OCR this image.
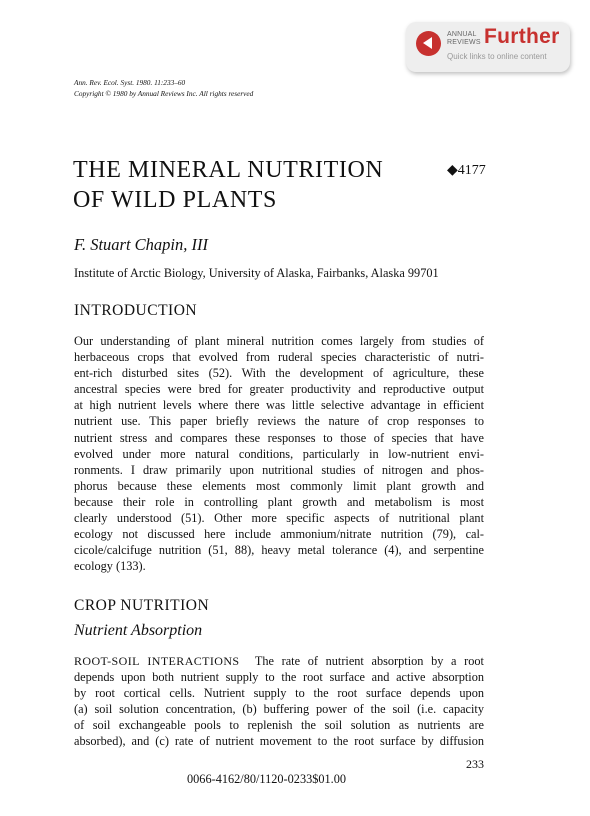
ANNUAL
REVIEWS Further
Quick links to online content
Ann. Rev. Ecol. Syst. 1980. 11:233–60
Copyright © 1980 by Annual Reviews Inc. All rights reserved
THE MINERAL NUTRITION
OF WILD PLANTS
◆4177
F. Stuart Chapin, III
Institute of Arctic Biology, University of Alaska, Fairbanks, Alaska 99701
INTRODUCTION
Our understanding of plant mineral nutrition comes largely from studies of
herbaceous crops that evolved from ruderal species characteristic of nutri-
ent-rich disturbed sites (52). With the development of agriculture, these
ancestral species were bred for greater productivity and reproductive output
at high nutrient levels where there was little selective advantage in efficient
nutrient use. This paper briefly reviews the nature of crop responses to
nutrient stress and compares these responses to those of species that have
evolved under more natural conditions, particularly in low-nutrient envi-
ronments. I draw primarily upon nutritional studies of nitrogen and phos-
phorus because these elements most commonly limit plant growth and
because their role in controlling plant growth and metabolism is most
clearly understood (51). Other more specific aspects of nutritional plant
ecology not discussed here include ammonium/nitrate nutrition (79), cal-
cicole/calcifuge nutrition (51, 88), heavy metal tolerance (4), and serpentine
ecology (133).
CROP NUTRITION
Nutrient Absorption
ROOT-SOIL INTERACTIONS The rate of nutrient absorption by a root
depends upon both nutrient supply to the root surface and active absorption
by root cortical cells. Nutrient supply to the root surface depends upon
(a) soil solution concentration, (b) buffering power of the soil (i.e. capacity
of soil exchangeable pools to replenish the soil solution as nutrients are
absorbed), and (c) rate of nutrient movement to the root surface by diffusion
233
0066-4162/80/1120-0233$01.00
